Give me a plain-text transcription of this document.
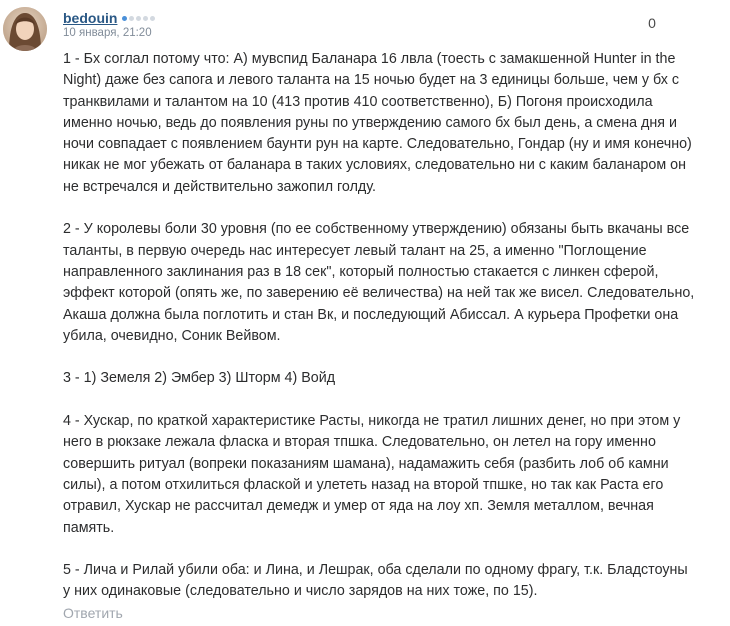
bedouin
10 января, 21:20
0

1 - Бх соглал потому что: А) мувспид Баланара 16 лвла (тоесть с замакшенной Hunter in the Night) даже без сапога и левого таланта на 15 ночью будет на 3 единицы больше, чем у бх с транквилами и талантом на 10 (413 против 410 соответственно), Б) Погоня происходила именно ночью, ведь до появления руны по утверждению самого бх был день, а смена дня и ночи совпадает с появлением баунти рун на карте. Следовательно, Гондар (ну и имя конечно) никак не мог убежать от баланара в таких условиях, следовательно ни с каким баланаром он не встречался и действительно зажопил голду.

2 - У королевы боли 30 уровня (по ее собственному утверждению) обязаны быть вкачаны все таланты, в первую очередь нас интересует левый талант на 25, а именно "Поглощение направленного заклинания раз в 18 сек", который полностью стакается с линкен сферой, эффект которой (опять же, по заверению её величества) на ней так же висел. Следовательно, Акаша должна была поглотить и стан Вк, и последующий Абиссал. А курьера Профетки она убила, очевидно, Соник Вейвом.

3 - 1) Земеля 2) Эмбер 3) Шторм 4) Войд

4 - Хускар, по краткой характеристике Расты, никогда не тратил лишних денег, но при этом у него в рюкзаке лежала фласка и вторая тпшка. Следовательно, он летел на гору именно совершить ритуал (вопреки показаниям шамана), надамажить себя (разбить лоб об камни силы), а потом отхилиться флаской и улететь назад на второй тпшке, но так как Раста его отравил, Хускар не рассчитал демедж и умер от яда на лоу хп. Земля металлом, вечная память.

5 - Лича и Рилай убили оба: и Лина, и Лешрак, оба сделали по одному фрагу, т.к. Бладстоуны у них одинаковые (следовательно и число зарядов на них тоже, по 15).

Ответить
